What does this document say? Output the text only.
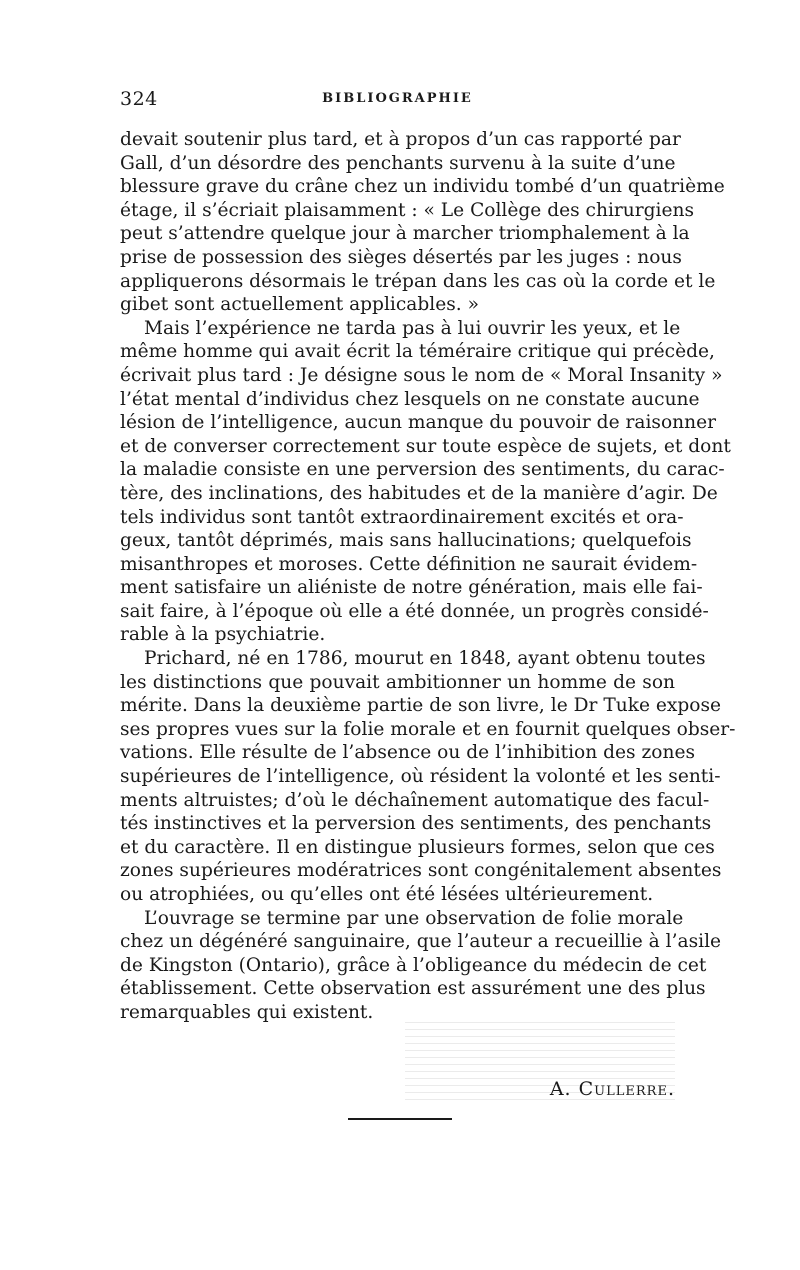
324	BIBLIOGRAPHIE
devait soutenir plus tard, et à propos d’un cas rapporté par
Gall, d’un désordre des penchants survenu à la suite d’une
blessure grave du crâne chez un individu tombé d’un quatrième
étage, il s’écriait plaisamment : « Le Collège des chirurgiens
peut s’attendre quelque jour à marcher triomphalement à la
prise de possession des sièges désertés par les juges : nous
appliquerons désormais le trépan dans les cas où la corde et le
gibet sont actuellement applicables. »
Mais l’expérience ne tarda pas à lui ouvrir les yeux, et le
même homme qui avait écrit la téméraire critique qui précède,
écrivait plus tard : Je désigne sous le nom de « Moral Insanity »
l’état mental d’individus chez lesquels on ne constate aucune
lésion de l’intelligence, aucun manque du pouvoir de raisonner
et de converser correctement sur toute espèce de sujets, et dont
la maladie consiste en une perversion des sentiments, du carac-
tère, des inclinations, des habitudes et de la manière d’agir. De
tels individus sont tantôt extraordinairement excités et ora-
geux, tantôt déprimés, mais sans hallucinations; quelquefois
misanthropes et moroses. Cette définition ne saurait évidem-
ment satisfaire un aliéniste de notre génération, mais elle fai-
sait faire, à l’époque où elle a été donnée, un progrès considé-
rable à la psychiatrie.
Prichard, né en 1786, mourut en 1848, ayant obtenu toutes
les distinctions que pouvait ambitionner un homme de son
mérite. Dans la deuxième partie de son livre, le Dr Tuke expose
ses propres vues sur la folie morale et en fournit quelques obser-
vations. Elle résulte de l’absence ou de l’inhibition des zones
supérieures de l’intelligence, où résident la volonté et les senti-
ments altruistes; d’où le déchaînement automatique des facul-
tés instinctives et la perversion des sentiments, des penchants
et du caractère. Il en distingue plusieurs formes, selon que ces
zones supérieures modératrices sont congénitalement absentes
ou atrophiées, ou qu’elles ont été lésées ultérieurement.
L’ouvrage se termine par une observation de folie morale
chez un dégénéré sanguinaire, que l’auteur a recueillie à l’asile
de Kingston (Ontario), grâce à l’obligeance du médecin de cet
établissement. Cette observation est assurément une des plus
remarquables qui existent.
A. Cullerre.
